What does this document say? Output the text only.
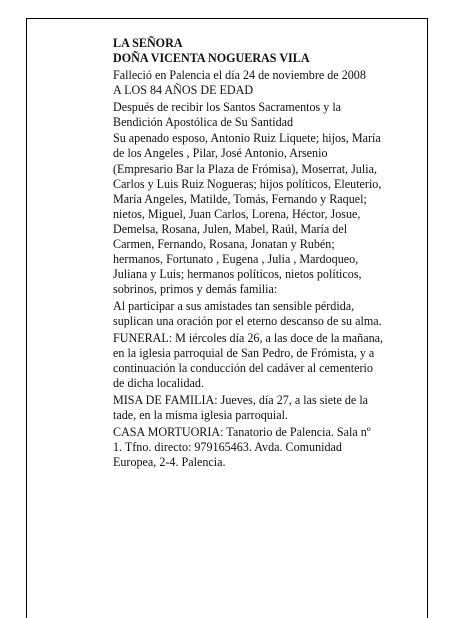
LA SEÑORA
DOÑA VICENTA NOGUERAS VILA

Falleció en Palencia el día 24 de noviembre de 2008
A LOS 84 AÑOS DE EDAD

Después de recibir los Santos Sacramentos y la
Bendición Apostólica de Su Santidad

Su apenado esposo, Antonio Ruiz Liquete; hijos, María
de los Angeles , Pilar, José Antonio, Arsenio
(Empresario Bar la Plaza de Frómisa), Moserrat, Julia,
Carlos y Luis Ruiz Nogueras; hijos políticos, Eleuterio,
María Angeles, Matilde, Tomás, Fernando y Raquel;
nietos, Miguel, Juan Carlos, Lorena, Héctor, Josue,
Demelsa, Rosana, Julen, Mabel, Raúl, María del
Carmen, Fernando, Rosana, Jonatan y Rubén;
hermanos, Fortunato , Eugena , Julia , Mardoqueo,
Juliana y Luis; hermanos políticos, nietos políticos,
sobrinos, primos y demás familia:

Al participar a sus amistades tan sensible pérdida,
suplican una oración por el eterno descanso de su alma.

FUNERAL: M iércoles día 26, a las doce de la mañana,
en la iglesia parroquial de San Pedro, de Frómista, y a
continuación la conducción del cadáver al cementerio
de dicha localidad.

MISA DE FAMILIA: Jueves, día 27, a las siete de la
tade, en la misma iglesia parroquial.

CASA MORTUORIA: Tanatorio de Palencia. Sala nº
1. Tfno. directo: 979165463. Avda. Comunidad
Europea, 2-4. Palencia.
